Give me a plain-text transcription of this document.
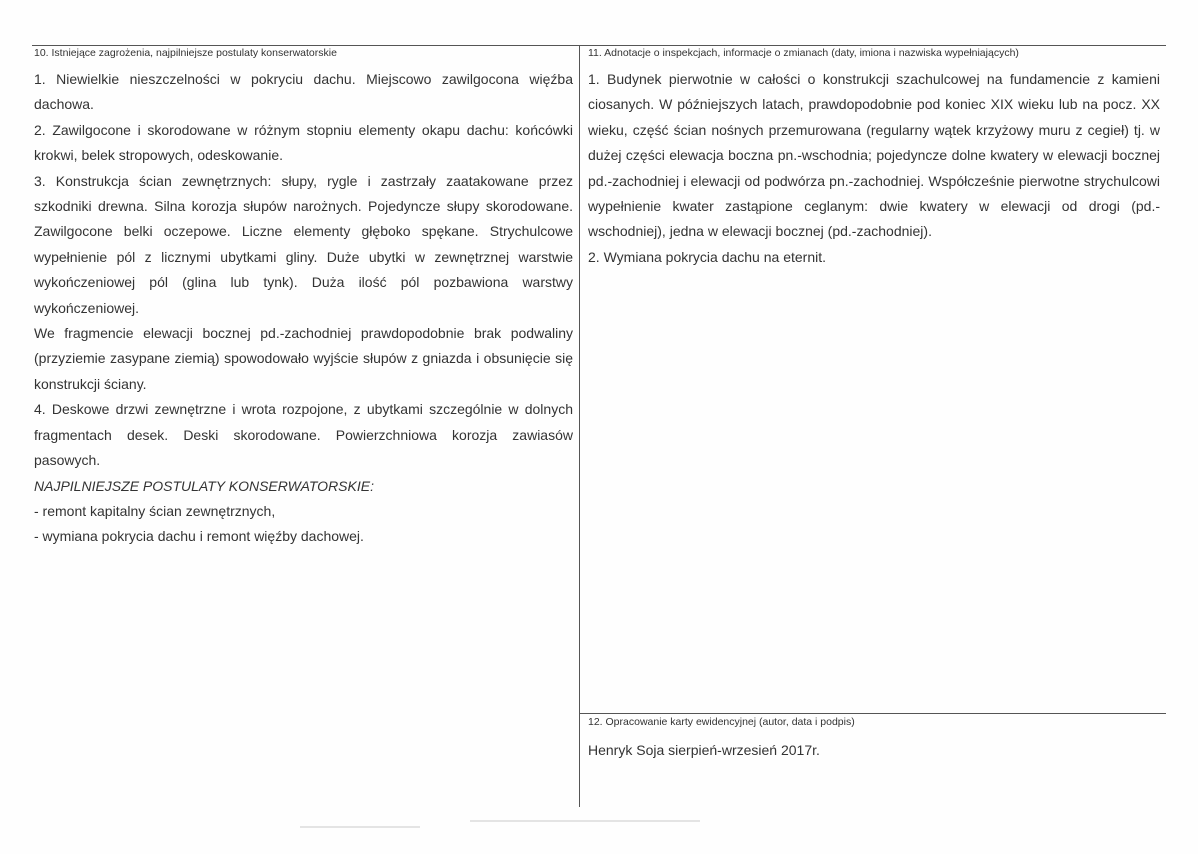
10. Istniejące zagrożenia, najpilniejsze postulaty konserwatorskie	11. Adnotacje o inspekcjach, informacje o zmianach (daty, imiona i nazwiska wypełniających)

1. Niewielkie nieszczelności w pokryciu dachu. Miejscowo zawilgocona więźba dachowa.

2. Zawilgocone i skorodowane w różnym stopniu elementy okapu dachu: końcówki krokwi, belek stropowych, odeskowanie.

3. Konstrukcja ścian zewnętrznych: słupy, rygle i zastrzały zaatakowane przez szkodniki drewna. Silna korozja słupów narożnych. Pojedyncze słupy skorodowane. Zawilgocone belki oczepowe. Liczne elementy głęboko spękane. Strychulcowe wypełnienie pól z licznymi ubytkami gliny. Duże ubytki w zewnętrznej warstwie wykończeniowej pól (glina lub tynk). Duża ilość pól pozbawiona warstwy wykończeniowej.

We fragmencie elewacji bocznej pd.-zachodniej prawdopodobnie brak podwaliny (przyziemie zasypane ziemią) spowodowało wyjście słupów z gniazda i obsunięcie się konstrukcji ściany.

4. Deskowe drzwi zewnętrzne i wrota rozpojone, z ubytkami szczególnie w dolnych fragmentach desek. Deski skorodowane. Powierzchniowa korozja zawiasów pasowych.

NAJPILNIEJSZE POSTULATY KONSERWATORSKIE:

- remont kapitalny ścian zewnętrznych,

- wymiana pokrycia dachu i remont więźby dachowej.

1. Budynek pierwotnie w całości o konstrukcji szachulcowej na fundamencie z kamieni ciosanych. W późniejszych latach, prawdopodobnie pod koniec XIX wieku lub na pocz. XX wieku, część ścian nośnych przemurowana (regularny wątek krzyżowy muru z cegieł) tj. w dużej części elewacja boczna pn.-wschodnia; pojedyncze dolne kwatery w elewacji bocznej pd.-zachodniej i elewacji od podwórza pn.-zachodniej. Współcześnie pierwotne strychulcowi wypełnienie kwater zastąpione ceglanym: dwie kwatery w elewacji od drogi (pd.-wschodniej), jedna w elewacji bocznej (pd.-zachodniej).

2. Wymiana pokrycia dachu na eternit.

12. Opracowanie karty ewidencyjnej (autor, data i podpis)
Henryk Soja sierpień-wrzesień 2017r.
